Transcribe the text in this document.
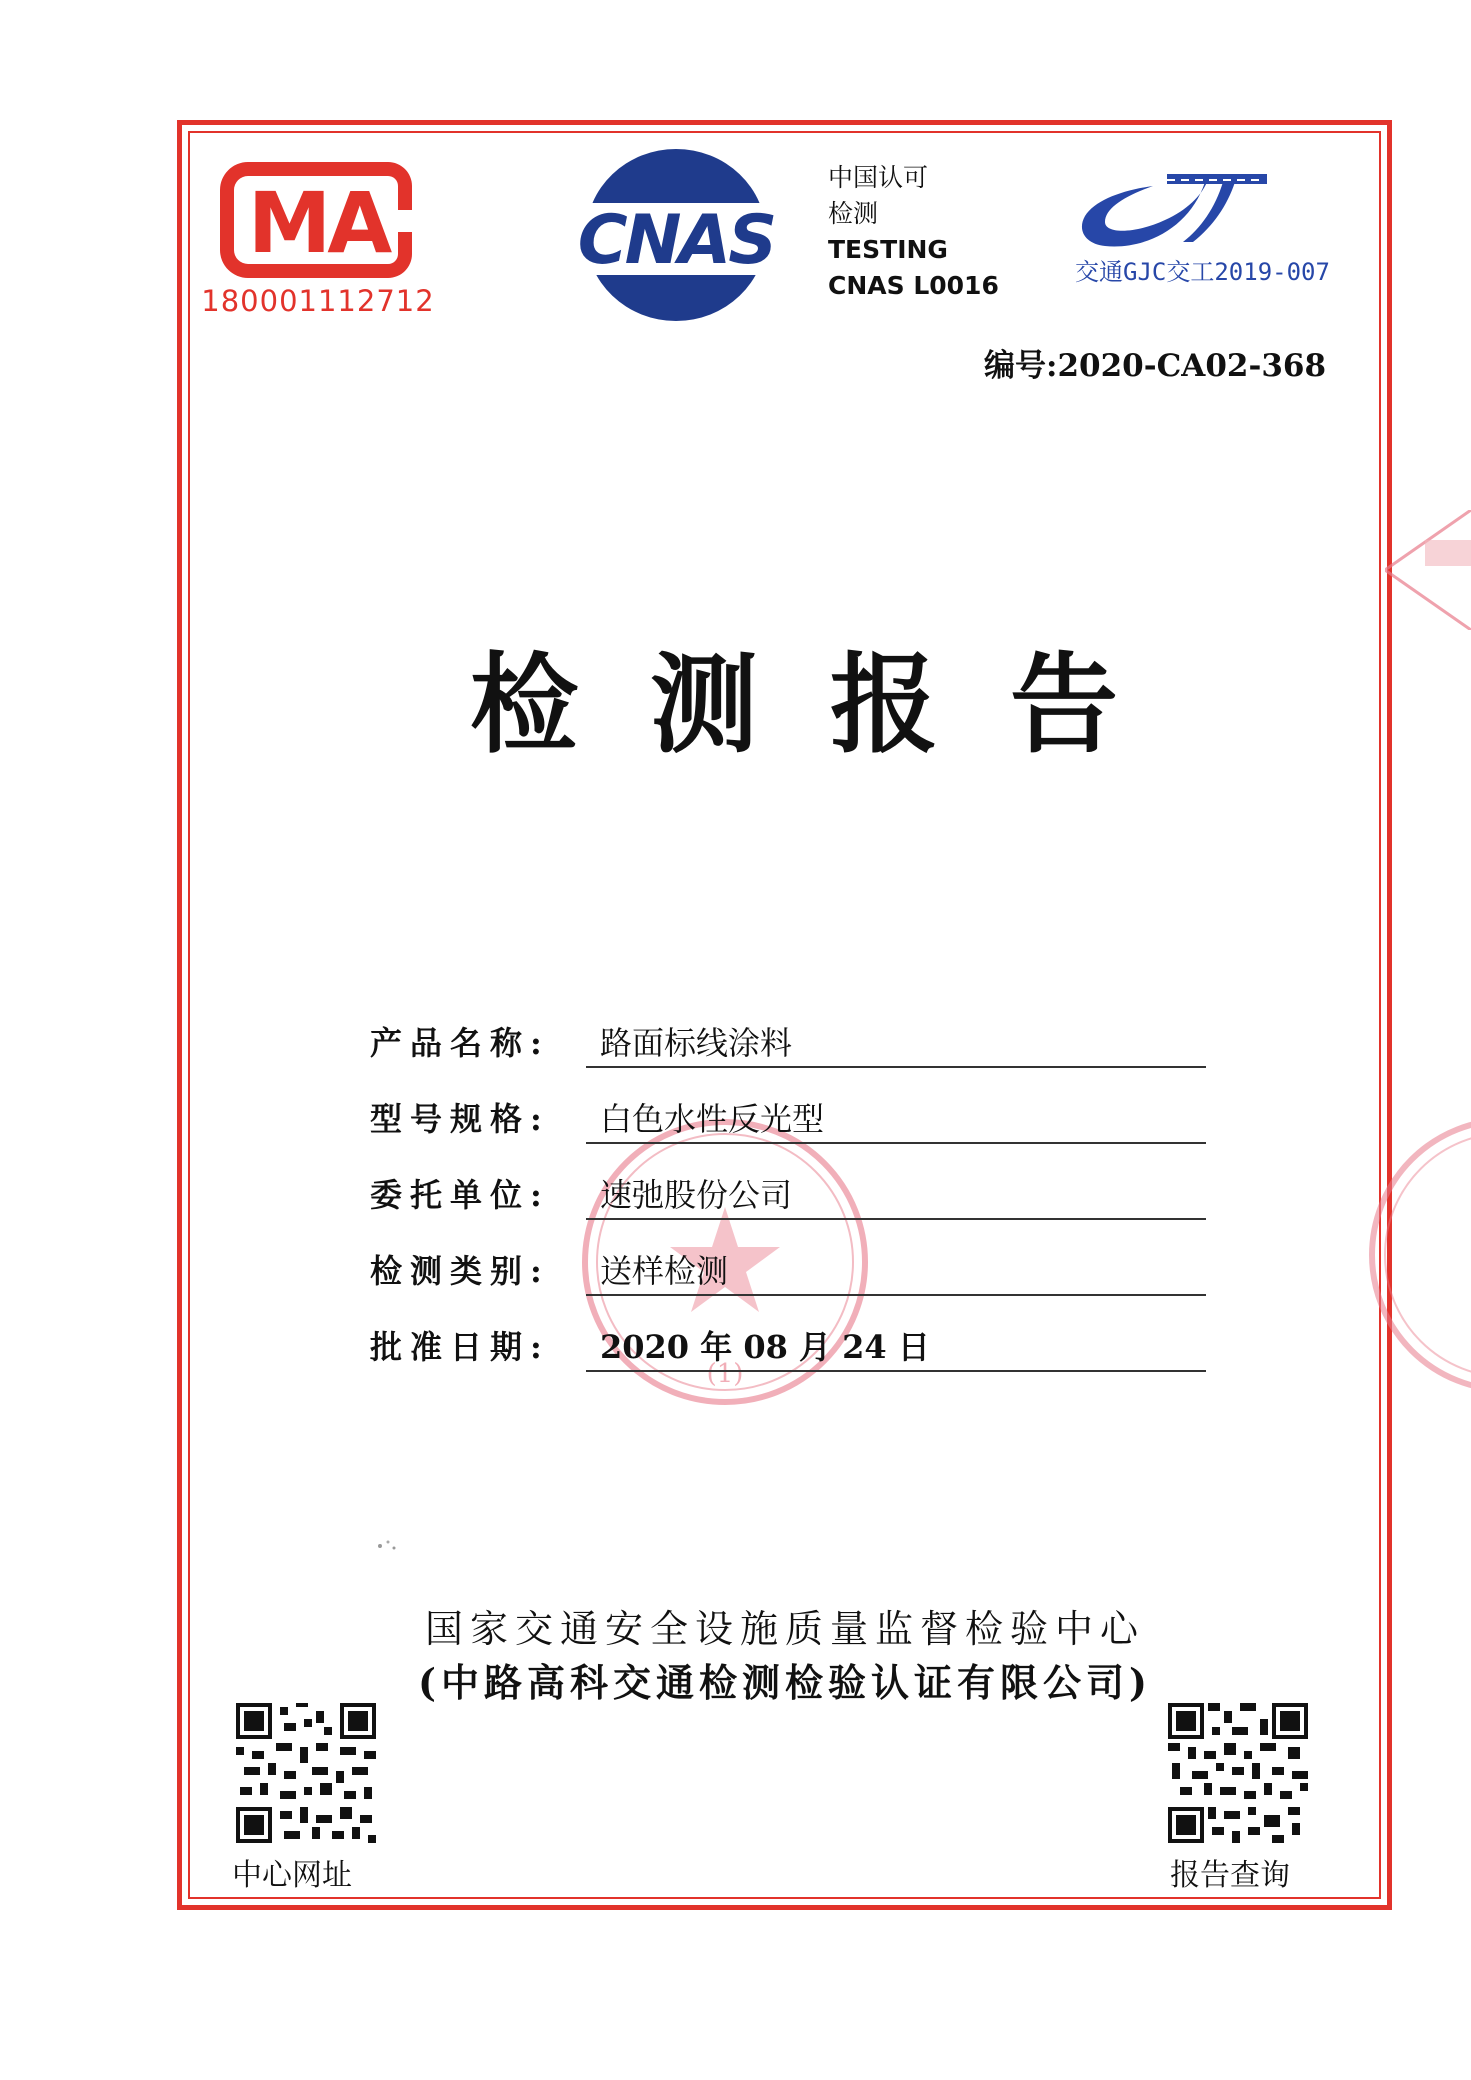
MA
180001112712
CNAS
中国认可
检测
TESTING
CNAS L0016	交通GJC交工2019-007
编号:2020-CA02-368
检测报告
(1)
产品名称: 路面标线涂料
型号规格: 白色水性反光型
委托单位: 速弛股份公司
检测类别: 送样检测
批准日期: 2020 年 08 月 24 日
国家交通安全设施质量监督检验中心
(中路高科交通检测检验认证有限公司)
中心网址	报告查询
